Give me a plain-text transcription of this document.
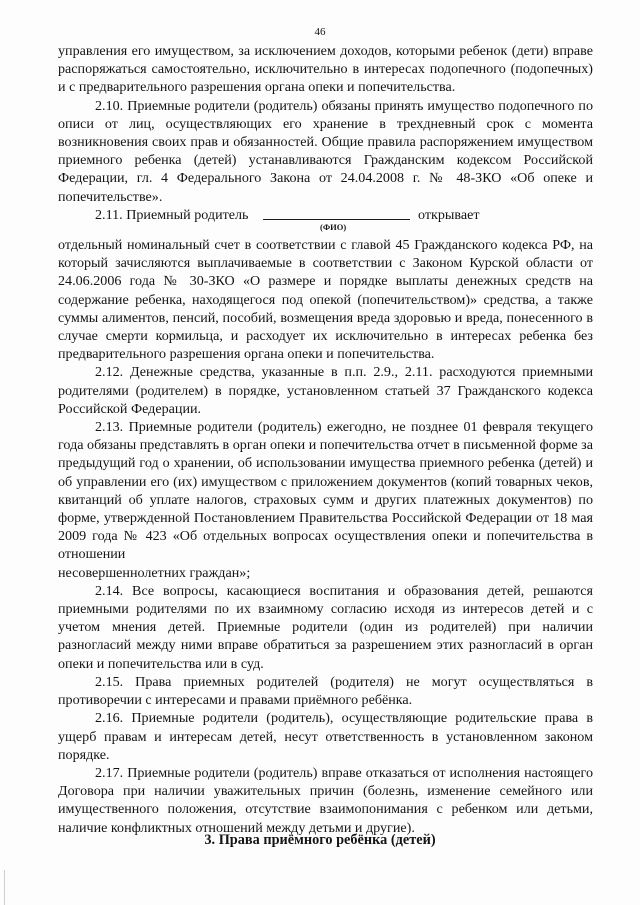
46

управления его имуществом, за исключением доходов, которыми ребенок (дети) вправе распоряжаться самостоятельно, исключительно в интересах подопечного (подопечных) и с предварительного разрешения органа опеки и попечительства.

2.10. Приемные родители (родитель) обязаны принять имущество подопечного по описи от лиц, осуществляющих его хранение в трехдневный срок с момента возникновения своих прав и обязанностей. Общие правила распоряжением имуществом приемного ребенка (детей) устанавливаются Гражданским кодексом Российской Федерации, гл. 4 Федерального Закона от 24.04.2008 г. № 48-ЗКО «Об опеке и попечительстве».

2.11. Приемный родитель	открывает
(ФИО)

отдельный номинальный счет в соответствии с главой 45 Гражданского кодекса РФ, на который зачисляются выплачиваемые в соответствии с Законом Курской области от 24.06.2006 года № 30-ЗКО «О размере и порядке выплаты денежных средств на содержание ребенка, находящегося под опекой (попечительством)» средства, а также суммы алиментов, пенсий, пособий, возмещения вреда здоровью и вреда, понесенного в случае смерти кормильца, и расходует их исключительно в интересах ребенка без предварительного разрешения органа опеки и попечительства.

2.12. Денежные средства, указанные в п.п. 2.9., 2.11. расходуются приемными родителями (родителем) в порядке, установленном статьей 37 Гражданского кодекса Российской Федерации.

2.13. Приемные родители (родитель) ежегодно, не позднее 01 февраля текущего года обязаны представлять в орган опеки и попечительства отчет в письменной форме за предыдущий год о хранении, об использовании имущества приемного ребенка (детей) и об управлении его (их) имуществом с приложением документов (копий товарных чеков, квитанций об уплате налогов, страховых сумм и других платежных документов) по форме, утвержденной Постановлением Правительства Российской Федерации от 18 мая 2009 года № 423 «Об отдельных вопросах осуществления опеки и попечительства в отношении

несовершеннолетних граждан»;

2.14. Все вопросы, касающиеся воспитания и образования детей, решаются приемными родителями по их взаимному согласию исходя из интересов детей и с учетом мнения детей. Приемные родители (один из родителей) при наличии разногласий между ними вправе обратиться за разрешением этих разногласий в орган опеки и попечительства или в суд.

2.15. Права приемных родителей (родителя) не могут осуществляться в противоречии с интересами и правами приёмного ребёнка.

2.16. Приемные родители (родитель), осуществляющие родительские права в ущерб правам и интересам детей, несут ответственность в установленном законом порядке.

2.17. Приемные родители (родитель) вправе отказаться от исполнения настоящего Договора при наличии уважительных причин (болезнь, изменение семейного или имущественного положения, отсутствие взаимопонимания с ребенком или детьми, наличие конфликтных отношений между детьми и другие).

3. Права приёмного ребёнка (детей)
